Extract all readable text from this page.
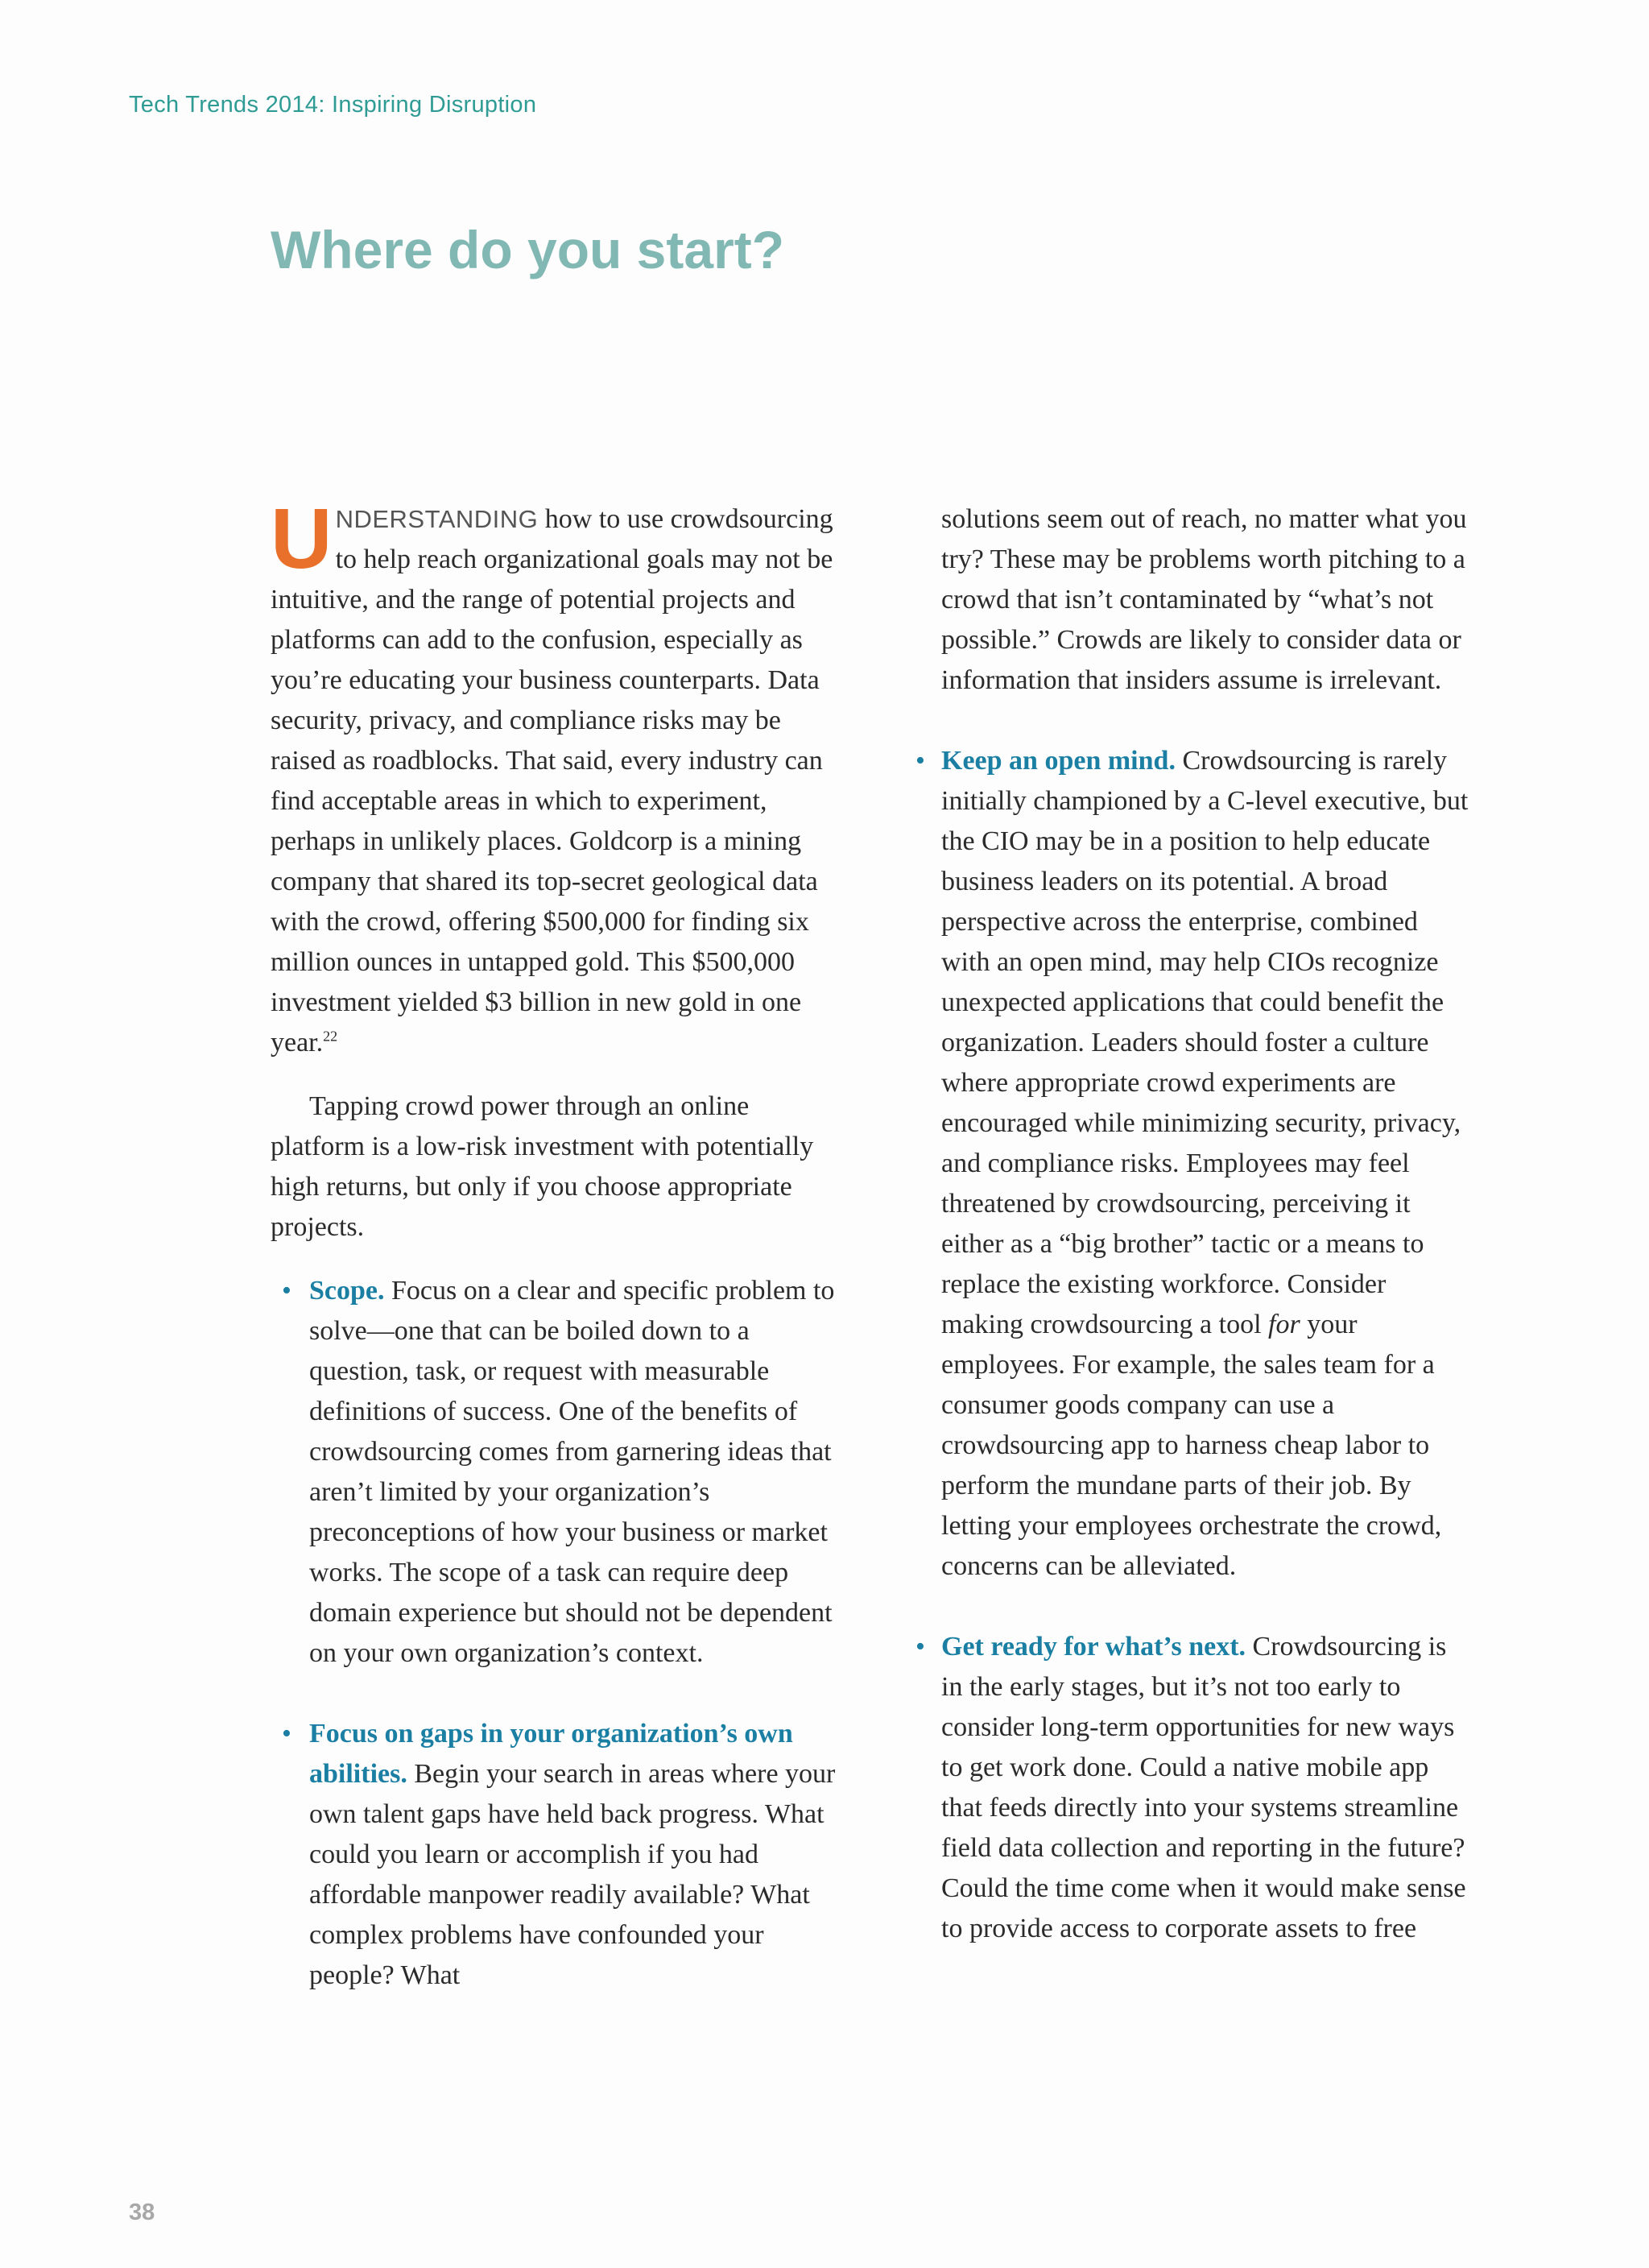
Tech Trends 2014: Inspiring Disruption
Where do you start?

UNDERSTANDING how to use crowdsourcing to help reach organizational goals may not be intuitive, and the range of potential projects and platforms can add to the confusion, especially as you’re educating your business counterparts. Data security, privacy, and compliance risks may be raised as roadblocks. That said, every industry can find acceptable areas in which to experiment, perhaps in unlikely places. Goldcorp is a mining company that shared its top-secret geological data with the crowd, offering $500,000 for finding six million ounces in untapped gold. This $500,000 investment yielded $3 billion in new gold in one year.$^{22}$

Tapping crowd power through an online platform is a low-risk investment with potentially high returns, but only if you choose appropriate projects.

• Scope. Focus on a clear and specific problem to solve—one that can be boiled down to a question, task, or request with measurable definitions of success. One of the benefits of crowdsourcing comes from garnering ideas that aren’t limited by your organization’s preconceptions of how your business or market works. The scope of a task can require deep domain experience but should not be dependent on your own organization’s context.
• Focus on gaps in your organization’s own abilities. Begin your search in areas where your own talent gaps have held back progress. What could you learn or accomplish if you had affordable manpower readily available? What complex problems have confounded your people? What

solutions seem out of reach, no matter what you try? These may be problems worth pitching to a crowd that isn’t contaminated by “what’s not possible.” Crowds are likely to consider data or information that insiders assume is irrelevant.

• Keep an open mind. Crowdsourcing is rarely initially championed by a C-level executive, but the CIO may be in a position to help educate business leaders on its potential. A broad perspective across the enterprise, combined with an open mind, may help CIOs recognize unexpected applications that could benefit the organization. Leaders should foster a culture where appropriate crowd experiments are encouraged while minimizing security, privacy, and compliance risks. Employees may feel threatened by crowdsourcing, perceiving it either as a “big brother” tactic or a means to replace the existing workforce. Consider making crowdsourcing a tool for your employees. For example, the sales team for a consumer goods company can use a crowdsourcing app to harness cheap labor to perform the mundane parts of their job. By letting your employees orchestrate the crowd, concerns can be alleviated.
• Get ready for what’s next. Crowdsourcing is in the early stages, but it’s not too early to consider long-term opportunities for new ways to get work done. Could a native mobile app that feeds directly into your systems streamline field data collection and reporting in the future? Could the time come when it would make sense to provide access to corporate assets to free
38
